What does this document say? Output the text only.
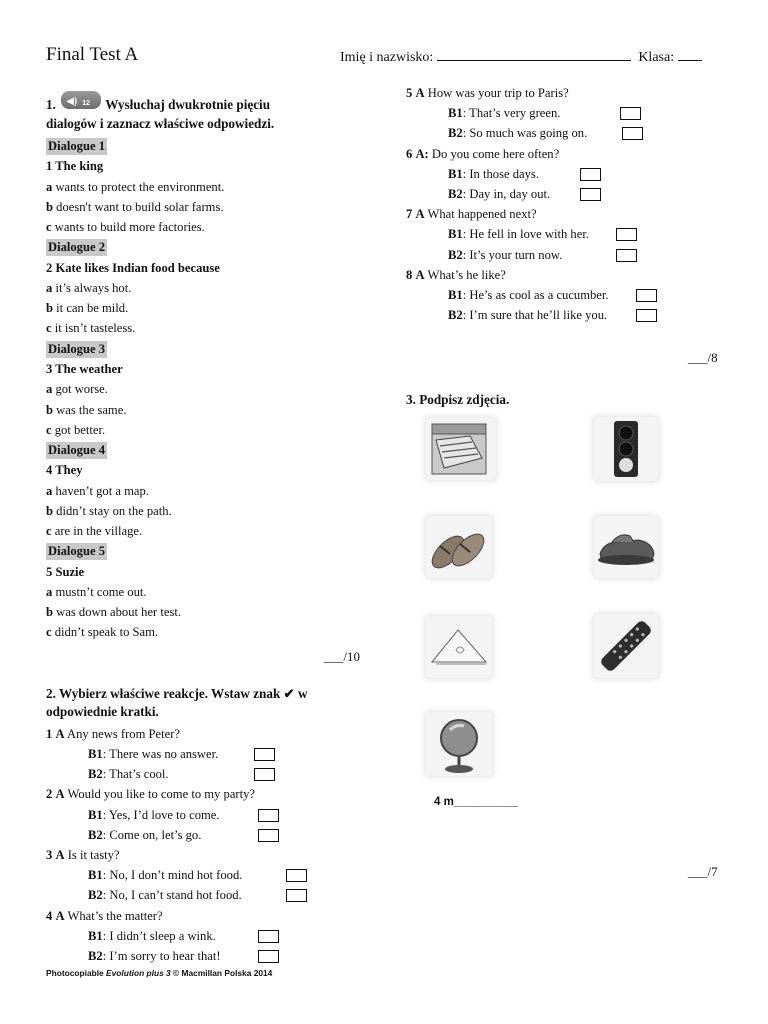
Final Test A	Imię i nazwisko:	Klasa:
1. ◀) 12 Wysłuchaj dwukrotnie pięciu
dialogów i zaznacz właściwe odpowiedzi.
Dialogue 1
1 The king
a wants to protect the environment.
b doesn't want to build solar farms.
c wants to build more factories.
Dialogue 2
2 Kate likes Indian food because
a it’s always hot.
b it can be mild.
c it isn’t tasteless.
Dialogue 3
3 The weather
a got worse.
b was the same.
c got better.
Dialogue 4
4 They
a haven’t got a map.
b didn’t stay on the path.
c are in the village.
Dialogue 5
5 Suzie
a mustn’t come out.
b was down about her test.
c didn’t speak to Sam.
___/10
2. Wybierz właściwe reakcje. Wstaw znak ✔ w
odpowiednie kratki.
1 A Any news from Peter?
B1: There was no answer.
B2: That’s cool.
2 A Would you like to come to my party?
B1: Yes, I’d love to come.
B2: Come on, let’s go.
3 A Is it tasty?
B1: No, I don’t mind hot food.
B2: No, I can’t stand hot food.
4 A What’s the matter?
B1: I didn’t sleep a wink.
B2: I’m sorry to hear that!
5 A How was your trip to Paris?
B1: That’s very green.
B2: So much was going on.
6 A: Do you come here often?
B1: In those days.
B2: Day in, day out.
7 A What happened next?
B1: He fell in love with her.
B2: It’s your turn now.
8 A What’s he like?
B1: He’s as cool as a cucumber.
B2: I’m sure that he’ll like you.
___/8
3. Podpisz zdjęcia.
4 m__________
___/7
Photocopiable Evolution plus 3 © Macmillan Polska 2014
